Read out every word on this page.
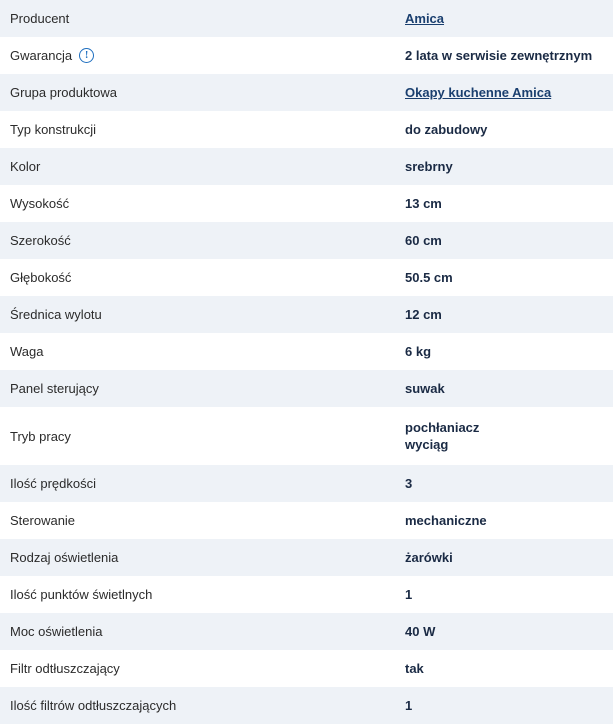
Producent	Amica

Gwarancja !	2 lata w serwisie zewnętrznym

Grupa produktowa	Okapy kuchenne Amica

Typ konstrukcji	do zabudowy

Kolor	srebrny

Wysokość	13 cm

Szerokość	60 cm

Głębokość	50.5 cm

Średnica wylotu	12 cm

Waga	6 kg

Panel sterujący	suwak

Tryb pracy	pochłaniacz
wyciąg

Ilość prędkości	3

Sterowanie	mechaniczne

Rodzaj oświetlenia	żarówki

Ilość punktów świetlnych	1

Moc oświetlenia	40 W

Filtr odtłuszczający	tak

Ilość filtrów odtłuszczających	1
